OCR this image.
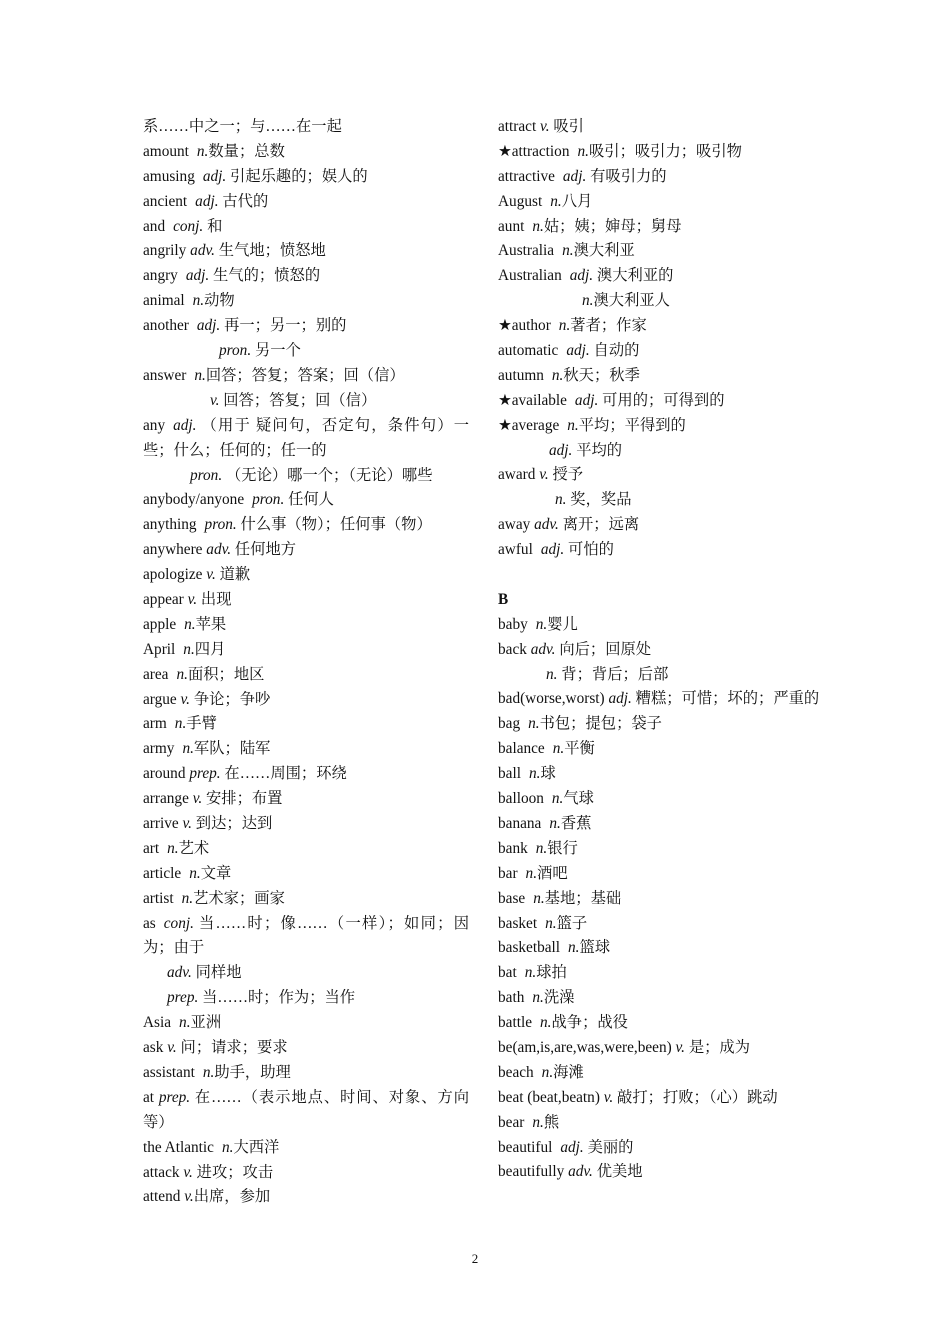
系……中之一；与……在一起
amount n.数量；总数
amusing adj. 引起乐趣的；娱人的
ancient adj. 古代的
and conj. 和
angrily adv. 生气地；愤怒地
angry adj. 生气的；愤怒的
animal n.动物
another adj. 再一；另一；别的
pron. 另一个
answer n.回答；答复；答案；回（信）
v. 回答；答复；回（信）
any adj. （用于 疑问句，否定句，条件句）一些；什么；任何的；任一的
pron. （无论）哪一个；（无论）哪些
anybody/anyone pron. 任何人
anything pron. 什么事（物）；任何事（物）
anywhere adv. 任何地方
apologize v. 道歉
appear v. 出现
apple n.苹果
April n.四月
area n.面积；地区
argue v. 争论；争吵
arm n.手臂
army n.军队；陆军
around prep. 在……周围；环绕
arrange v. 安排；布置
arrive v. 到达；达到
art n.艺术
article n.文章
artist n.艺术家；画家
as conj. 当……时；像……（一样）；如同；因为；由于
adv. 同样地
prep. 当……时；作为；当作
Asia n.亚洲
ask v. 问；请求；要求
assistant n.助手，助理
at prep. 在……（表示地点、时间、对象、方向等）
the Atlantic n.大西洋
attack v. 进攻；攻击
attend v.出席，参加
attract v. 吸引
★attraction n.吸引；吸引力；吸引物
attractive adj. 有吸引力的
August n.八月
aunt n.姑；姨；婶母；舅母
Australia n.澳大利亚
Australian adj. 澳大利亚的
n.澳大利亚人
★author n.著者；作家
automatic adj. 自动的
autumn n.秋天；秋季
★available adj. 可用的；可得到的
★average n.平均；平得到的
adj. 平均的
award v. 授予
n. 奖，奖品
away adv. 离开；远离
awful adj. 可怕的
B
baby n.婴儿
back adv. 向后；回原处
n. 背；背后；后部
bad(worse,worst) adj. 糟糕；可惜；坏的；严重的
bag n.书包；提包；袋子
balance n.平衡
ball n.球
balloon n.气球
banana n.香蕉
bank n.银行
bar n.酒吧
base n.基地；基础
basket n.篮子
basketball n.篮球
bat n.球拍
bath n.洗澡
battle n.战争；战役
be(am,is,are,was,were,been) v. 是；成为
beach n.海滩
beat (beat,beatn) v. 敲打；打败；（心）跳动
bear n.熊
beautiful adj. 美丽的
beautifully adv. 优美地
2
